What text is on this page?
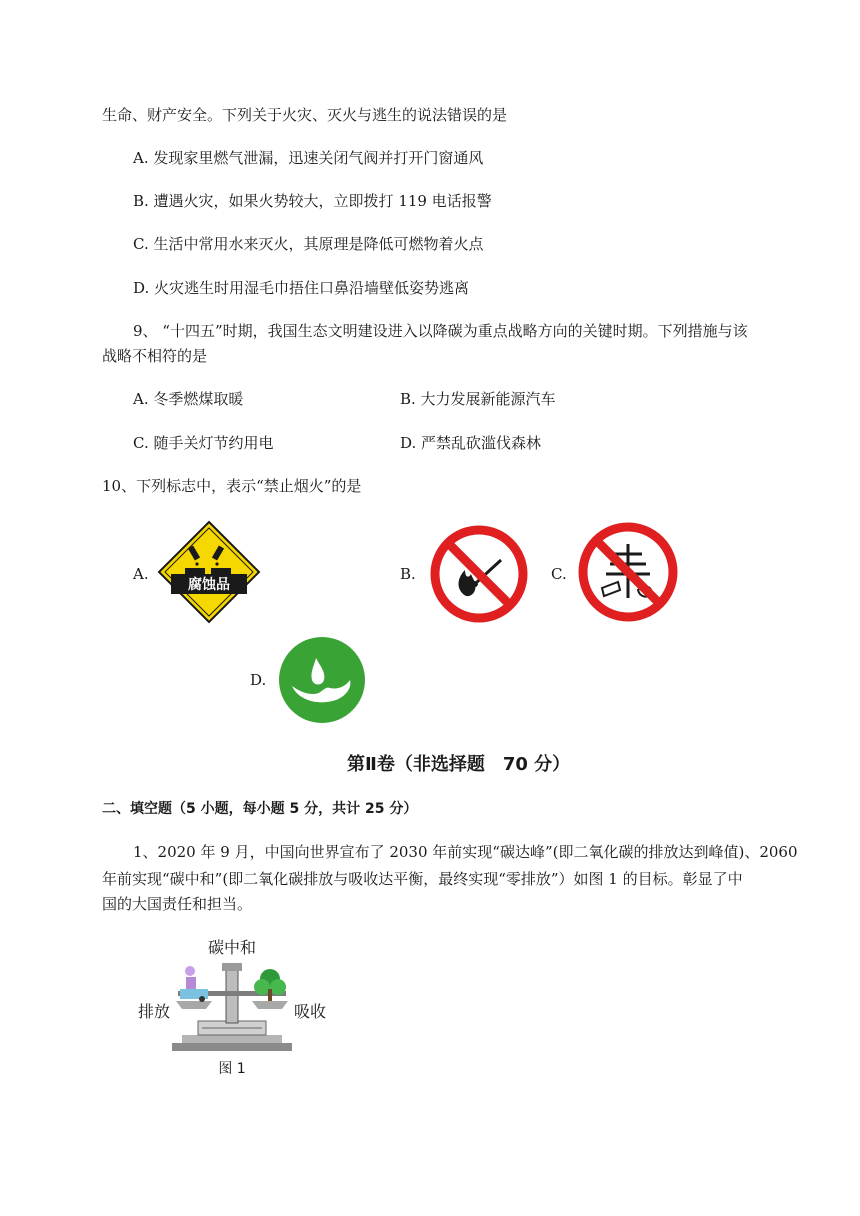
生命、财产安全。下列关于火灾、灭火与逃生的说法错误的是
A. 发现家里燃气泄漏，迅速关闭气阀并打开门窗通风
B. 遭遇火灾，如果火势较大，立即拨打 119 电话报警
C. 生活中常用水来灭火，其原理是降低可燃物着火点
D. 火灾逃生时用湿毛巾捂住口鼻沿墙壁低姿势逃离
9、 “十四五”时期，我国生态文明建设进入以降碳为重点战略方向的关键时期。下列措施与该
战略不相符的是
A. 冬季燃煤取暖	B. 大力发展新能源汽车
C. 随手关灯节约用电	D. 严禁乱砍滥伐森林
10、下列标志中，表示“禁止烟火”的是
A.
腐蚀品
B.	C.
D.
第Ⅱ卷（非选择题　70 分）
二、填空题（5 小题，每小题 5 分，共计 25 分）
1、2020 年 9 月，中国向世界宣布了 2030 年前实现“碳达峰”(即二氧化碳的排放达到峰值)、2060
年前实现“碳中和”(即二氧化碳排放与吸收达平衡，最终实现“零排放”）如图 1 的目标。彰显了中
国的大国责任和担当。
碳中和
排放	吸收
图 1
